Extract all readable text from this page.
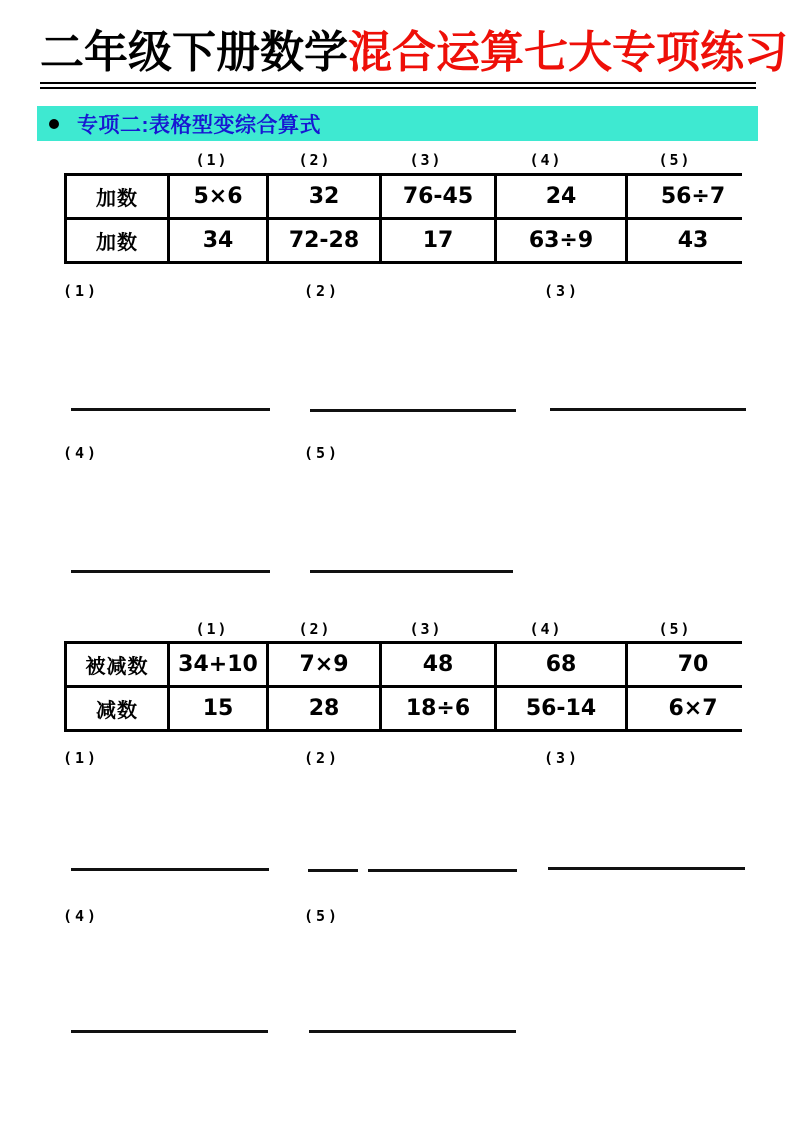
二年级下册数学混合运算七大专项练习
专项二:表格型变综合算式
(1)	(2)	(3)	(4)	(5)
加数	5×6	32	76-45	24	56÷7
加数	34	72-28	17	63÷9	43
(1)	(2)	(3)
(4)	(5)
(1)	(2)	(3)	(4)	(5)
被减数	34+10	7×9	48	68	70
减数	15	28	18÷6	56-14	6×7
(1)	(2)	(3)
(4)	(5)
